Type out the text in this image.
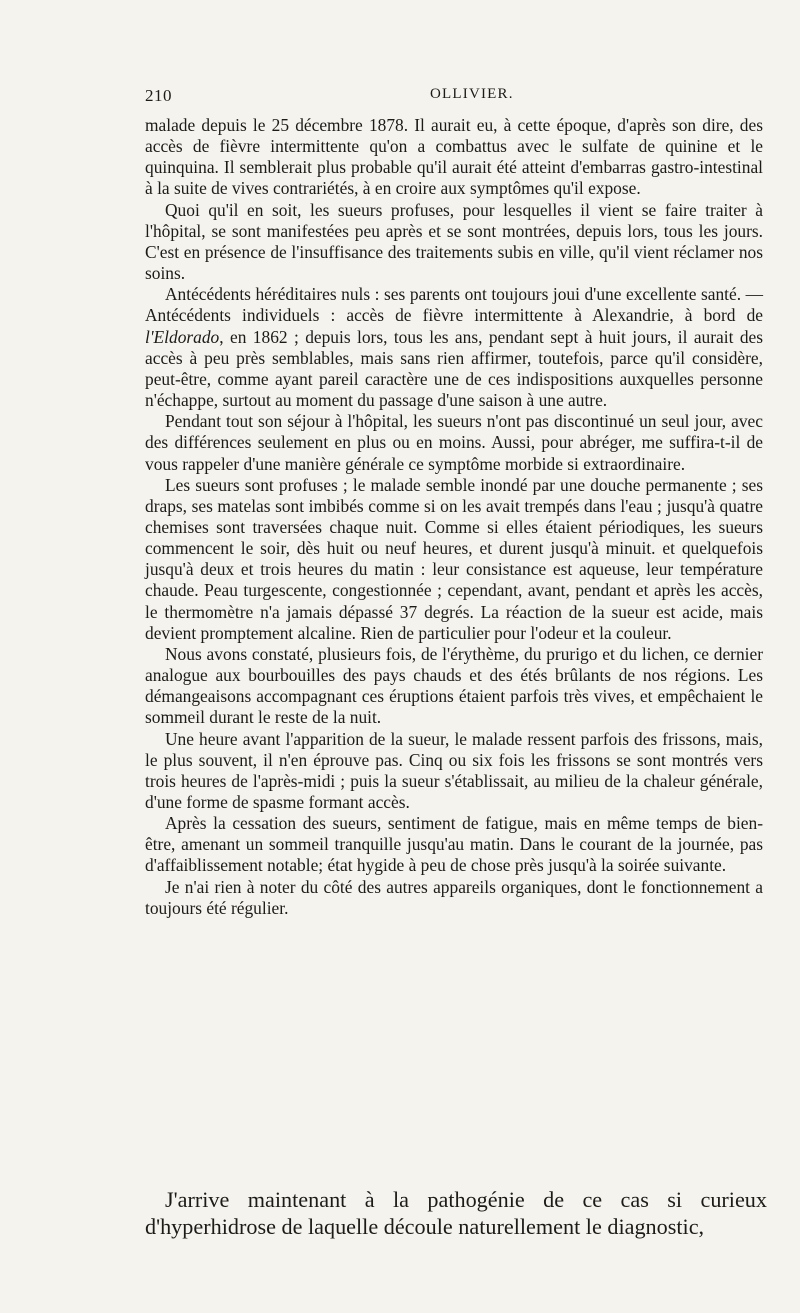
210	OLLIVIER.

malade depuis le 25 décembre 1878. Il aurait eu, à cette époque, d'après son dire, des accès de fièvre intermittente qu'on a combattus avec le sulfate de quinine et le quinquina. Il semblerait plus probable qu'il aurait été atteint d'embarras gastro-intestinal à la suite de vives contrariétés, à en croire aux symptômes qu'il expose.

Quoi qu'il en soit, les sueurs profuses, pour lesquelles il vient se faire traiter à l'hôpital, se sont manifestées peu après et se sont montrées, depuis lors, tous les jours. C'est en présence de l'insuffisance des traitements subis en ville, qu'il vient réclamer nos soins.

Antécédents héréditaires nuls : ses parents ont toujours joui d'une excellente santé. — Antécédents individuels : accès de fièvre intermittente à Alexandrie, à bord de l'Eldorado, en 1862 ; depuis lors, tous les ans, pendant sept à huit jours, il aurait des accès à peu près semblables, mais sans rien affirmer, toutefois, parce qu'il considère, peut-être, comme ayant pareil caractère une de ces indispositions auxquelles personne n'échappe, surtout au moment du passage d'une saison à une autre.

Pendant tout son séjour à l'hôpital, les sueurs n'ont pas discontinué un seul jour, avec des différences seulement en plus ou en moins. Aussi, pour abréger, me suffira-t-il de vous rappeler d'une manière générale ce symptôme morbide si extraordinaire.

Les sueurs sont profuses ; le malade semble inondé par une douche permanente ; ses draps, ses matelas sont imbibés comme si on les avait trempés dans l'eau ; jusqu'à quatre chemises sont traversées chaque nuit. Comme si elles étaient périodiques, les sueurs commencent le soir, dès huit ou neuf heures, et durent jusqu'à minuit. et quelquefois jusqu'à deux et trois heures du matin : leur consistance est aqueuse, leur température chaude. Peau turgescente, congestionnée ; cependant, avant, pendant et après les accès, le thermomètre n'a jamais dépassé 37 degrés. La réaction de la sueur est acide, mais devient promptement alcaline. Rien de particulier pour l'odeur et la couleur.

Nous avons constaté, plusieurs fois, de l'érythème, du prurigo et du lichen, ce dernier analogue aux bourbouilles des pays chauds et des étés brûlants de nos régions. Les démangeaisons accompagnant ces éruptions étaient parfois très vives, et empêchaient le sommeil durant le reste de la nuit.

Une heure avant l'apparition de la sueur, le malade ressent parfois des frissons, mais, le plus souvent, il n'en éprouve pas. Cinq ou six fois les frissons se sont montrés vers trois heures de l'après-midi ; puis la sueur s'établissait, au milieu de la chaleur générale, d'une forme de spasme formant accès.

Après la cessation des sueurs, sentiment de fatigue, mais en même temps de bien-être, amenant un sommeil tranquille jusqu'au matin. Dans le courant de la journée, pas d'affaiblissement notable; état hygide à peu de chose près jusqu'à la soirée suivante.

Je n'ai rien à noter du côté des autres appareils organiques, dont le fonctionnement a toujours été régulier.

J'arrive maintenant à la pathogénie de ce cas si curieux d'hyperhidrose de laquelle découle naturellement le diagnostic,
